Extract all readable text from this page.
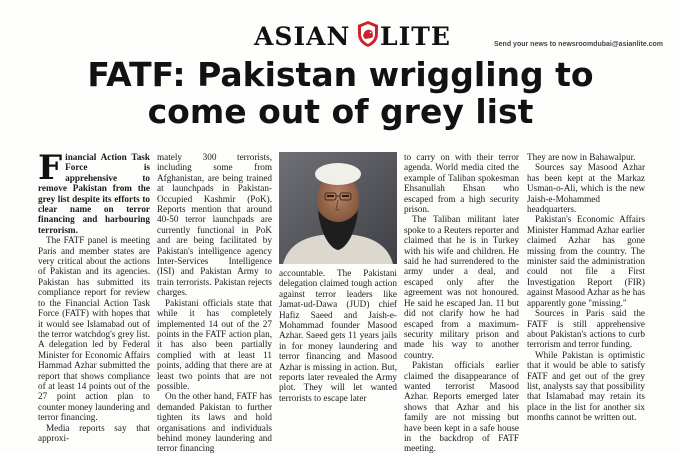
ASIAN LITE	Send your news to newsroomdubai@asianlite.com
FATF: Pakistan wriggling to
come out of grey list

Financial Action Task Force is apprehensive to remove Pakistan from the grey list despite its efforts to clear name on terror financing and harbouring terrorism.

The FATF panel is meeting Paris and member states are very critical about the actions of Pakistan and its agencies. Pakistan has submitted its compliance report for review to the Financial Action Task Force (FATF) with hopes that it would see Islamabad out of the terror watchdog's grey list. A delegation led by Federal Minister for Economic Affairs Hammad Azhar submitted the report that shows compliance of at least 14 points out of the 27 point action plan to counter money laundering and terror financing.

Media reports say that approxi-

mately 300 terrorists, including some from Afghanistan, are being trained at launchpads in Pakistan-Occupied Kashmir (PoK). Reports mention that around 40-50 terror launchpads are currently functional in PoK and are being facilitated by Pakistan's intelligence agency Inter-Services Intelligence (ISI) and Pakistan Army to train terrorists. Pakistan rejects charges.

Pakistani officials state that while it has completely implemented 14 out of the 27 points in the FATF action plan, it has also been partially complied with at least 11 points, adding that there are at least two points that are not possible.

On the other hand, FATF has demanded Pakistan to further tighten its laws and hold organisations and individuals behind money laundering and terror financing

accountable. The Pakistani delegation claimed tough action against terror leaders like Jamat-ud-Dawa (JUD) chief Hafiz Saeed and Jaish-e-Mohammad founder Masood Azhar. Saeed gets 11 years jails in for money laundering and terror financing and Masood Azhar is missing in action. But, reports later revealed the Army plot. They will let wanted terrorists to escape later

to carry on with their terror agenda. World media cited the example of Taliban spokesman Ehsanullah Ehsan who escaped from a high security prison.

The Taliban militant later spoke to a Reuters reporter and claimed that he is in Turkey with his wife and children. He said he had surrendered to the army under a deal, and escaped only after the agreement was not honoured. He said he escaped Jan. 11 but did not clarify how he had escaped from a maximum-security military prison and made his way to another country.

Pakistan officials earlier claimed the disappearance of wanted terrorist Masood Azhar. Reports emerged later shows that Azhar and his family are not missing but have been kept in a safe house in the backdrop of FATF meeting.

They are now in Bahawalpur.

Sources say Masood Azhar has been kept at the Markaz Usman-o-Ali, which is the new Jaish-e-Mohammed headquarters.

Pakistan's Economic Affairs Minister Hammad Azhar earlier claimed Azhar has gone missing from the country. The minister said the administration could not file a First Investigation Report (FIR) against Masood Azhar as he has apparently gone "missing."

Sources in Paris said the FATF is still apprehensive about Pakistan's actions to curb terrorism and terror funding.

While Pakistan is optimistic that it would be able to satisfy FATF and get out of the grey list, analysts say that possibility that Islamabad may retain its place in the list for another six months cannot be written out.
